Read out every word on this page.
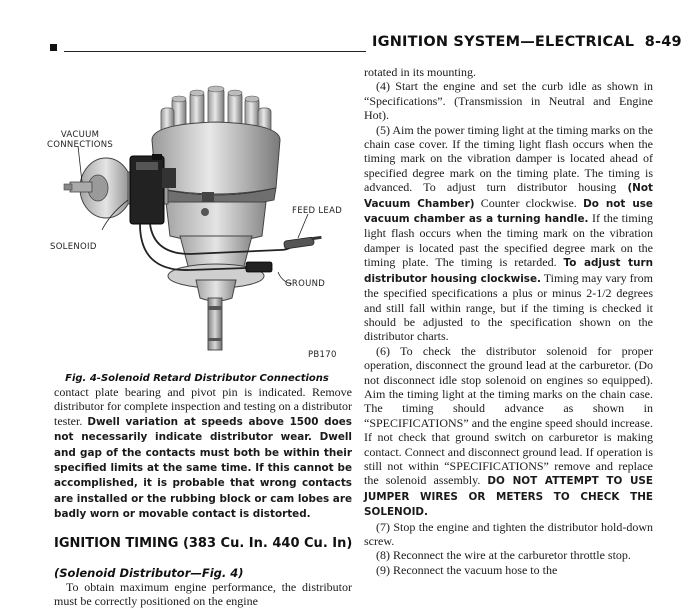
IGNITION SYSTEM—ELECTRICAL 8-49
VACUUM
CONNECTIONS
SOLENOID
FEED LEAD
GROUND
PB170
Fig. 4-Solenoid Retard Distributor Connections

contact plate bearing and pivot pin is indicated. Remove distributor for complete inspection and testing on a distributor tester. Dwell variation at speeds above 1500 does not necessarily indicate distributor wear. Dwell and gap of the contacts must both be within their specified limits at the same time. If this cannot be accomplished, it is probable that wrong contacts are installed or the rubbing block or cam lobes are badly worn or movable contact is distorted.

IGNITION TIMING (383 Cu. In. 440 Cu. In)
(Solenoid Distributor—Fig. 4)

To obtain maximum engine performance, the distributor must be correctly positioned on the engine

rotated in its mounting.

(4) Start the engine and set the curb idle as shown in “Specifications”. (Transmission in Neutral and Engine Hot).

(5) Aim the power timing light at the timing marks on the chain case cover. If the timing light flash occurs when the timing mark on the vibration damper is located ahead of specified degree mark on the timing plate. The timing is advanced. To adjust turn distributor housing (Not Vacuum Chamber) Counter clockwise. Do not use vacuum chamber as a turning handle. If the timing light flash occurs when the timing mark on the vibration damper is located past the specified degree mark on the timing plate. The timing is retarded. To adjust turn distributor housing clockwise. Timing may vary from the specified specifications a plus or minus 2-1/2 degrees and still fall within range, but if the timing is checked it should be adjusted to the specification shown on the distributor charts.

(6) To check the distributor solenoid for proper operation, disconnect the ground lead at the carburetor. (Do not disconnect idle stop solenoid on engines so equipped). Aim the timing light at the timing marks on the chain case. The timing should advance as shown in “SPECIFICATIONS” and the engine speed should increase. If not check that ground switch on carburetor is making contact. Connect and disconnect ground lead. If operation is still not within “SPECIFICATIONS” remove and replace the solenoid assembly. DO NOT ATTEMPT TO USE JUMPER WIRES OR METERS TO CHECK THE SOLENOID.

(7) Stop the engine and tighten the distributor hold-down screw.

(8) Reconnect the wire at the carburetor throttle stop.

(9) Reconnect the vacuum hose to the
